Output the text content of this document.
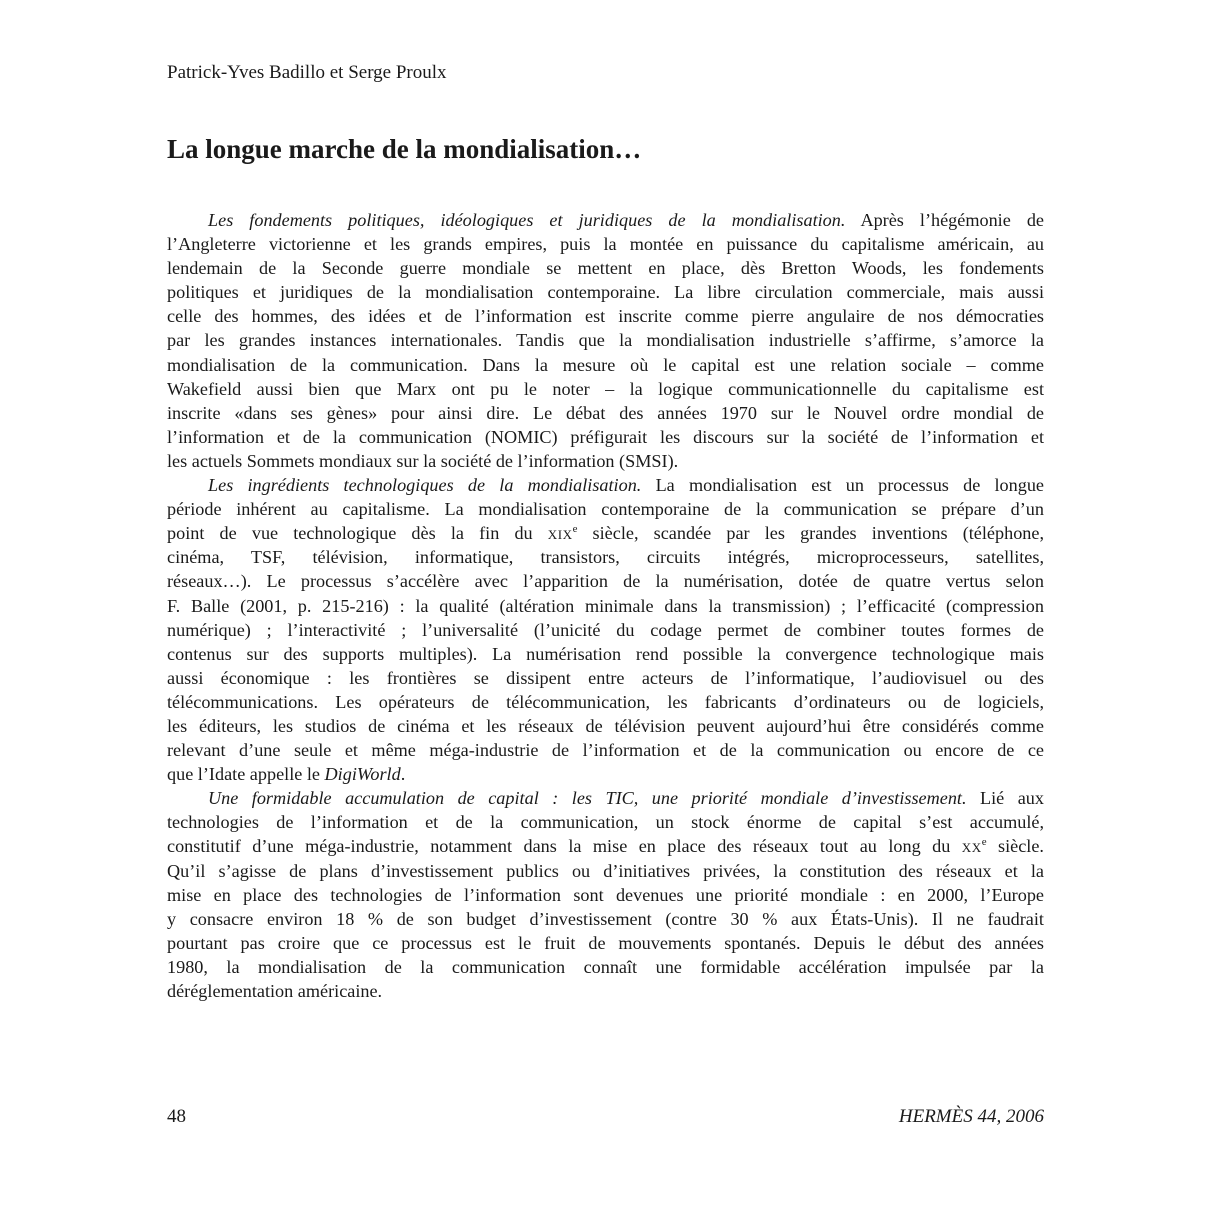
Patrick-Yves Badillo et Serge Proulx
La longue marche de la mondialisation…
Les fondements politiques, idéologiques et juridiques de la mondialisation. Après l’hégémonie de
l’Angleterre victorienne et les grands empires, puis la montée en puissance du capitalisme américain, au
lendemain de la Seconde guerre mondiale se mettent en place, dès Bretton Woods, les fondements
politiques et juridiques de la mondialisation contemporaine. La libre circulation commerciale, mais aussi
celle des hommes, des idées et de l’information est inscrite comme pierre angulaire de nos démocraties
par les grandes instances internationales. Tandis que la mondialisation industrielle s’affirme, s’amorce la
mondialisation de la communication. Dans la mesure où le capital est une relation sociale – comme
Wakefield aussi bien que Marx ont pu le noter – la logique communicationnelle du capitalisme est
inscrite «dans ses gènes» pour ainsi dire. Le débat des années 1970 sur le Nouvel ordre mondial de
l’information et de la communication (NOMIC) préfigurait les discours sur la société de l’information et
les actuels Sommets mondiaux sur la société de l’information (SMSI).
Les ingrédients technologiques de la mondialisation. La mondialisation est un processus de longue
période inhérent au capitalisme. La mondialisation contemporaine de la communication se prépare d’un
point de vue technologique dès la fin du XIXe siècle, scandée par les grandes inventions (téléphone,
cinéma, TSF, télévision, informatique, transistors, circuits intégrés, microprocesseurs, satellites,
réseaux…). Le processus s’accélère avec l’apparition de la numérisation, dotée de quatre vertus selon
F. Balle (2001, p. 215-216) : la qualité (altération minimale dans la transmission) ; l’efficacité (compression
numérique) ; l’interactivité ; l’universalité (l’unicité du codage permet de combiner toutes formes de
contenus sur des supports multiples). La numérisation rend possible la convergence technologique mais
aussi économique : les frontières se dissipent entre acteurs de l’informatique, l’audiovisuel ou des
télécommunications. Les opérateurs de télécommunication, les fabricants d’ordinateurs ou de logiciels,
les éditeurs, les studios de cinéma et les réseaux de télévision peuvent aujourd’hui être considérés comme
relevant d’une seule et même méga-industrie de l’information et de la communication ou encore de ce
que l’Idate appelle le DigiWorld.
Une formidable accumulation de capital : les TIC, une priorité mondiale d’investissement. Lié aux
technologies de l’information et de la communication, un stock énorme de capital s’est accumulé,
constitutif d’une méga-industrie, notamment dans la mise en place des réseaux tout au long du XXe siècle.
Qu’il s’agisse de plans d’investissement publics ou d’initiatives privées, la constitution des réseaux et la
mise en place des technologies de l’information sont devenues une priorité mondiale : en 2000, l’Europe
y consacre environ 18 % de son budget d’investissement (contre 30 % aux États-Unis). Il ne faudrait
pourtant pas croire que ce processus est le fruit de mouvements spontanés. Depuis le début des années
1980, la mondialisation de la communication connaît une formidable accélération impulsée par la
déréglementation américaine.
48	HERMÈS 44, 2006
